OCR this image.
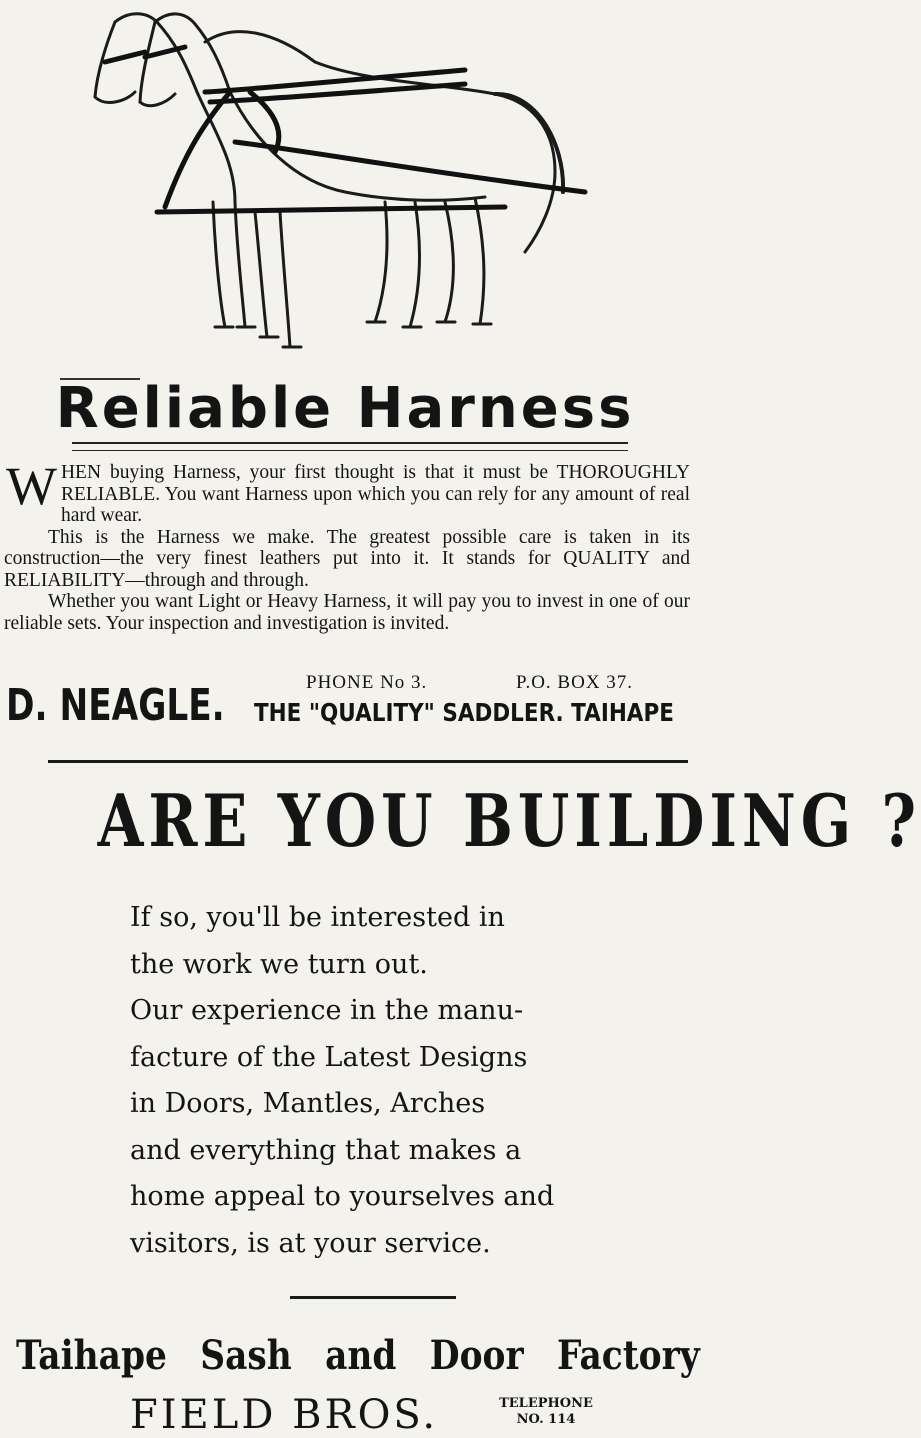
Reliable Harness

WHEN buying Harness, your first thought is that it must be THOROUGHLY RELIABLE. You want Harness upon which you can rely for any amount of real hard wear.

This is the Harness we make. The greatest possible care is taken in its construction—the very finest leathers put into it. It stands for QUALITY and RELIABILITY—through and through.

Whether you want Light or Heavy Harness, it will pay you to invest in one of our reliable sets. Your inspection and investigation is invited.

D. NEAGLE.	PHONE No 3.	P.O. BOX 37.
THE "QUALITY" SADDLER. TAIHAPE
ARE YOU BUILDING ?
If so, you'll be interested in
the work we turn out.
Our experience in the manu-
facture of the Latest Designs
in Doors, Mantles, Arches
and everything that makes a
home appeal to yourselves and
visitors, is at your service.
Taihape Sash and Door Factory
FIELD BROS.	TELEPHONE
NO. 114
